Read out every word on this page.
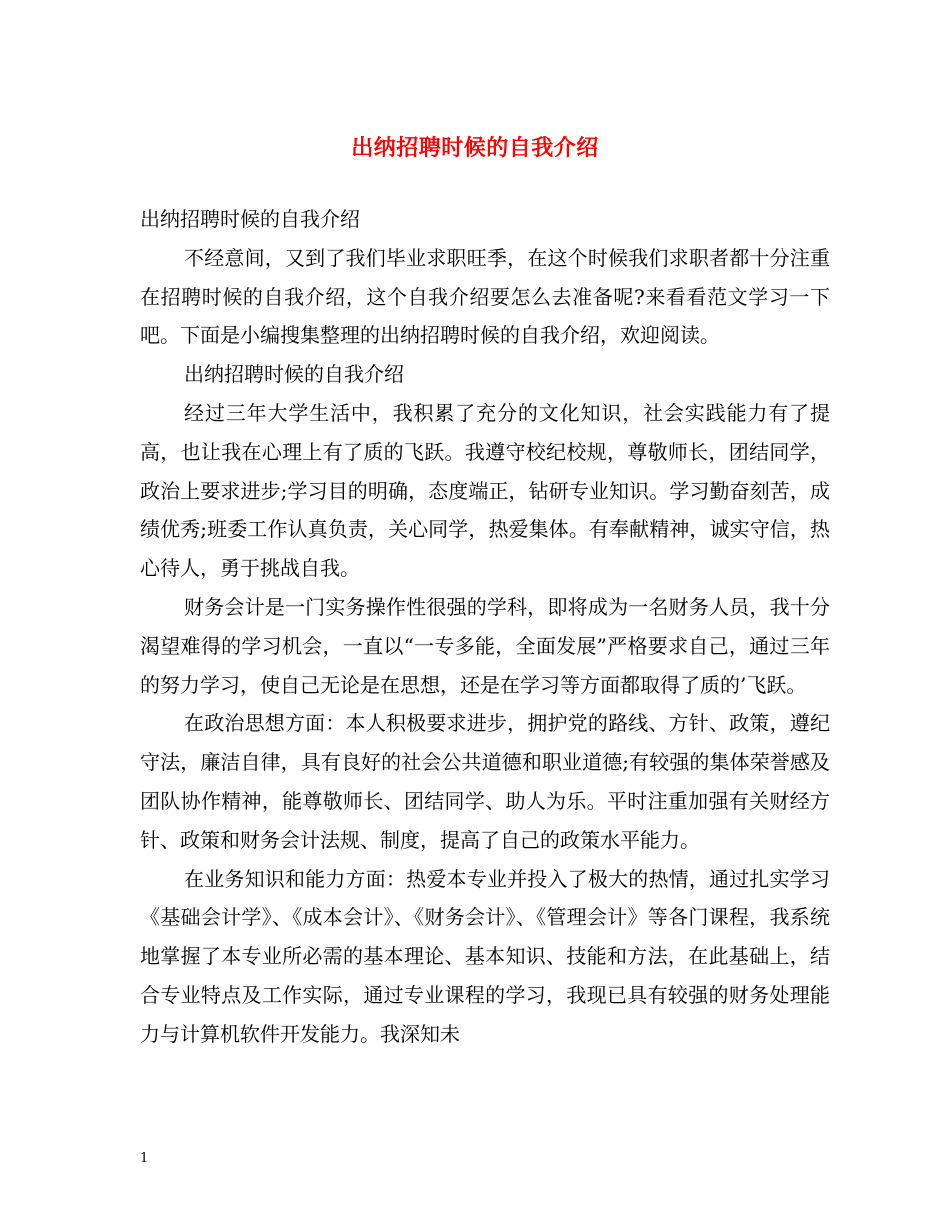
出纳招聘时候的自我介绍

出纳招聘时候的自我介绍

不经意间，又到了我们毕业求职旺季，在这个时候我们求职者都十分注重在招聘时候的自我介绍，这个自我介绍要怎么去准备呢?来看看范文学习一下吧。下面是小编搜集整理的出纳招聘时候的自我介绍，欢迎阅读。

出纳招聘时候的自我介绍

经过三年大学生活中，我积累了充分的文化知识，社会实践能力有了提高，也让我在心理上有了质的飞跃。我遵守校纪校规，尊敬师长，团结同学，政治上要求进步;学习目的明确，态度端正，钻研专业知识。学习勤奋刻苦，成绩优秀;班委工作认真负责，关心同学，热爱集体。有奉献精神，诚实守信，热心待人，勇于挑战自我。

财务会计是一门实务操作性很强的学科，即将成为一名财务人员，我十分渴望难得的学习机会，一直以“一专多能，全面发展”严格要求自己，通过三年的努力学习，使自己无论是在思想，还是在学习等方面都取得了质的’飞跃。

在政治思想方面：本人积极要求进步，拥护党的路线、方针、政策，遵纪守法，廉洁自律，具有良好的社会公共道德和职业道德;有较强的集体荣誉感及团队协作精神，能尊敬师长、团结同学、助人为乐。平时注重加强有关财经方针、政策和财务会计法规、制度，提高了自己的政策水平能力。

在业务知识和能力方面：热爱本专业并投入了极大的热情，通过扎实学习《基础会计学》、《成本会计》、《财务会计》、《管理会计》等各门课程，我系统地掌握了本专业所必需的基本理论、基本知识、技能和方法，在此基础上，结合专业特点及工作实际，通过专业课程的学习，我现已具有较强的财务处理能力与计算机软件开发能力。我深知未

1
